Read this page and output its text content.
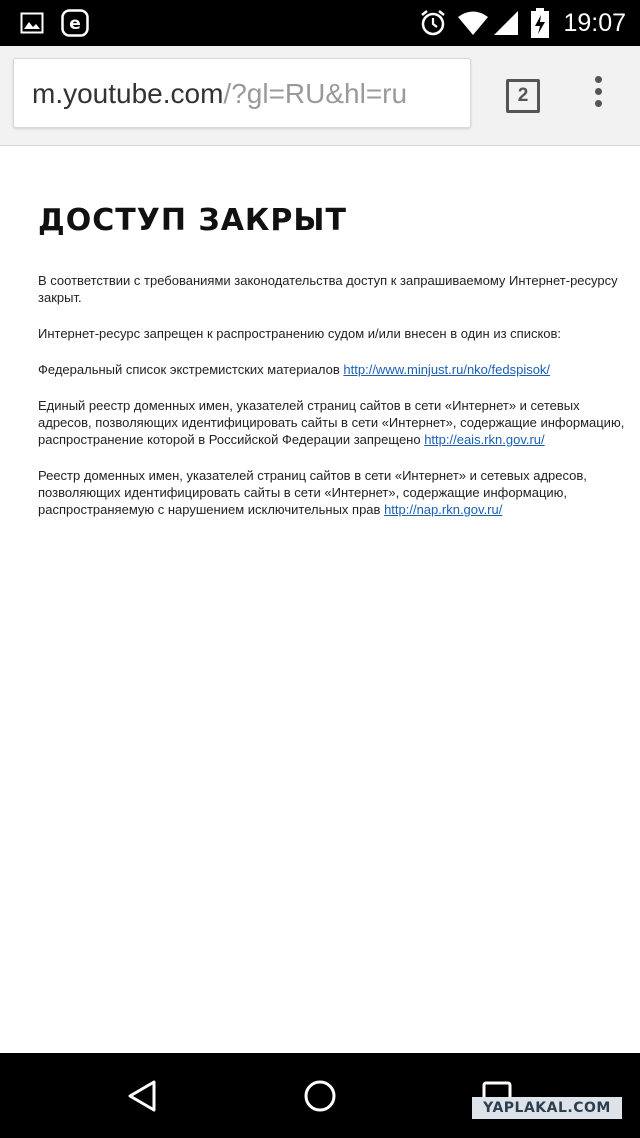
e	19:07
m.youtube.com/?gl=RU&hl=ru	2
ДОСТУП ЗАКРЫТ

В соответствии с требованиями законодательства доступ к запрашиваемому Интернет-ресурсу закрыт.

Интернет-ресурс запрещен к распространению судом и/или внесен в один из списков:

Федеральный список экстремистских материалов http://www.minjust.ru/nko/fedspisok/

Единый реестр доменных имен, указателей страниц сайтов в сети «Интернет» и сетевых адресов, позволяющих идентифицировать сайты в сети «Интернет», содержащие информацию, распространение которой в Российской Федерации запрещено http://eais.rkn.gov.ru/

Реестр доменных имен, указателей страниц сайтов в сети «Интернет» и сетевых адресов, позволяющих идентифицировать сайты в сети «Интернет», содержащие информацию, распространяемую с нарушением исключительных прав http://nap.rkn.gov.ru/

YAPLAKAL.COM
